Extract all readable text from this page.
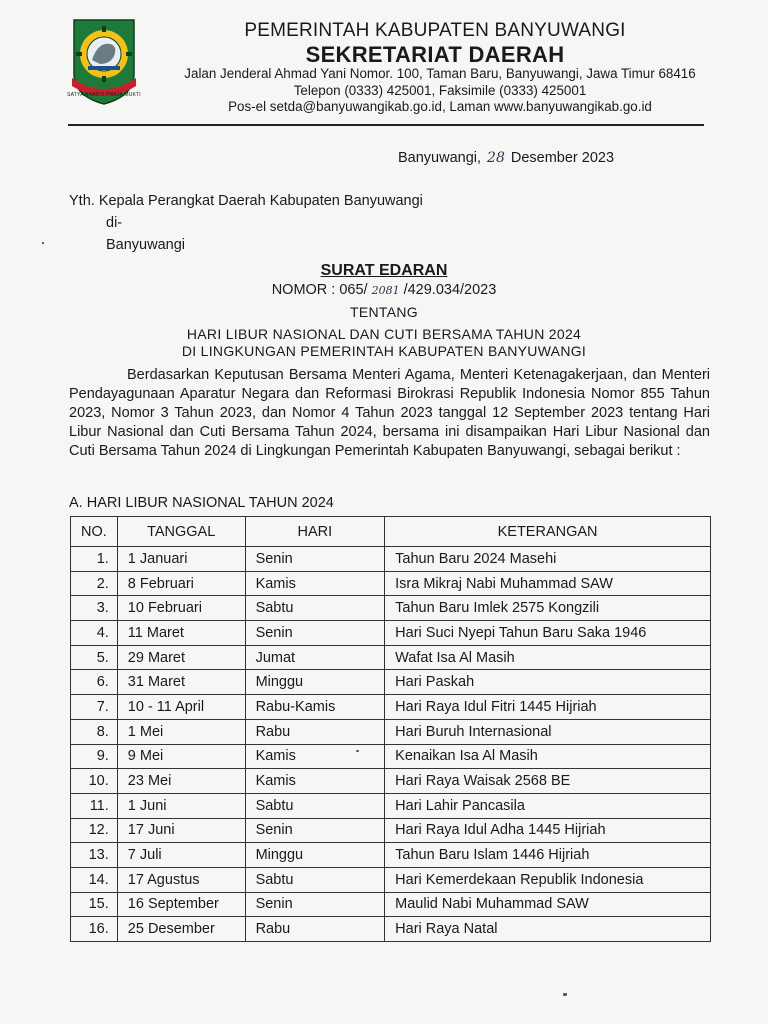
SATYA BHAKTI PRAJA MUKTI
PEMERINTAH KABUPATEN BANYUWANGI
SEKRETARIAT DAERAH
Jalan Jenderal Ahmad Yani Nomor. 100, Taman Baru, Banyuwangi, Jawa Timur 68416
Telepon (0333) 425001, Faksimile (0333) 425001
Pos-el setda@banyuwangikab.go.id, Laman www.banyuwangikab.go.id
Banyuwangi, 28 Desember 2023
Yth. Kepala Perangkat Daerah Kabupaten Banyuwangi
di-
Banyuwangi
SURAT EDARAN
NOMOR : 065/ 2081 /429.034/2023
TENTANG
HARI LIBUR NASIONAL DAN CUTI BERSAMA TAHUN 2024
DI LINGKUNGAN PEMERINTAH KABUPATEN BANYUWANGI
Berdasarkan Keputusan Bersama Menteri Agama, Menteri Ketenagakerjaan, dan Menteri Pendayagunaan Aparatur Negara dan Reformasi Birokrasi Republik Indonesia Nomor 855 Tahun 2023, Nomor 3 Tahun 2023, dan Nomor 4 Tahun 2023 tanggal 12 September 2023 tentang Hari Libur Nasional dan Cuti Bersama Tahun 2024, bersama ini disampaikan Hari Libur Nasional dan Cuti Bersama Tahun 2024 di Lingkungan Pemerintah Kabupaten Banyuwangi, sebagai berikut :
A. HARI LIBUR NASIONAL TAHUN 2024
NO.	TANGGAL	HARI	KETERANGAN
1.	1 Januari	Senin	Tahun Baru 2024 Masehi
2.	8 Februari	Kamis	Isra Mikraj Nabi Muhammad SAW
3.	10 Februari	Sabtu	Tahun Baru Imlek 2575 Kongzili
4.	11 Maret	Senin	Hari Suci Nyepi Tahun Baru Saka 1946
5.	29 Maret	Jumat	Wafat Isa Al Masih
6.	31 Maret	Minggu	Hari Paskah
7.	10 - 11 April	Rabu-Kamis	Hari Raya Idul Fitri 1445 Hijriah
8.	1 Mei	Rabu	Hari Buruh Internasional
9.	9 Mei	Kamis	Kenaikan Isa Al Masih
10.	23 Mei	Kamis	Hari Raya Waisak 2568 BE
11.	1 Juni	Sabtu	Hari Lahir Pancasila
12.	17 Juni	Senin	Hari Raya Idul Adha 1445 Hijriah
13.	7 Juli	Minggu	Tahun Baru Islam 1446 Hijriah
14.	17 Agustus	Sabtu	Hari Kemerdekaan Republik Indonesia
15.	16 September	Senin	Maulid Nabi Muhammad SAW
16.	25 Desember	Rabu	Hari Raya Natal
